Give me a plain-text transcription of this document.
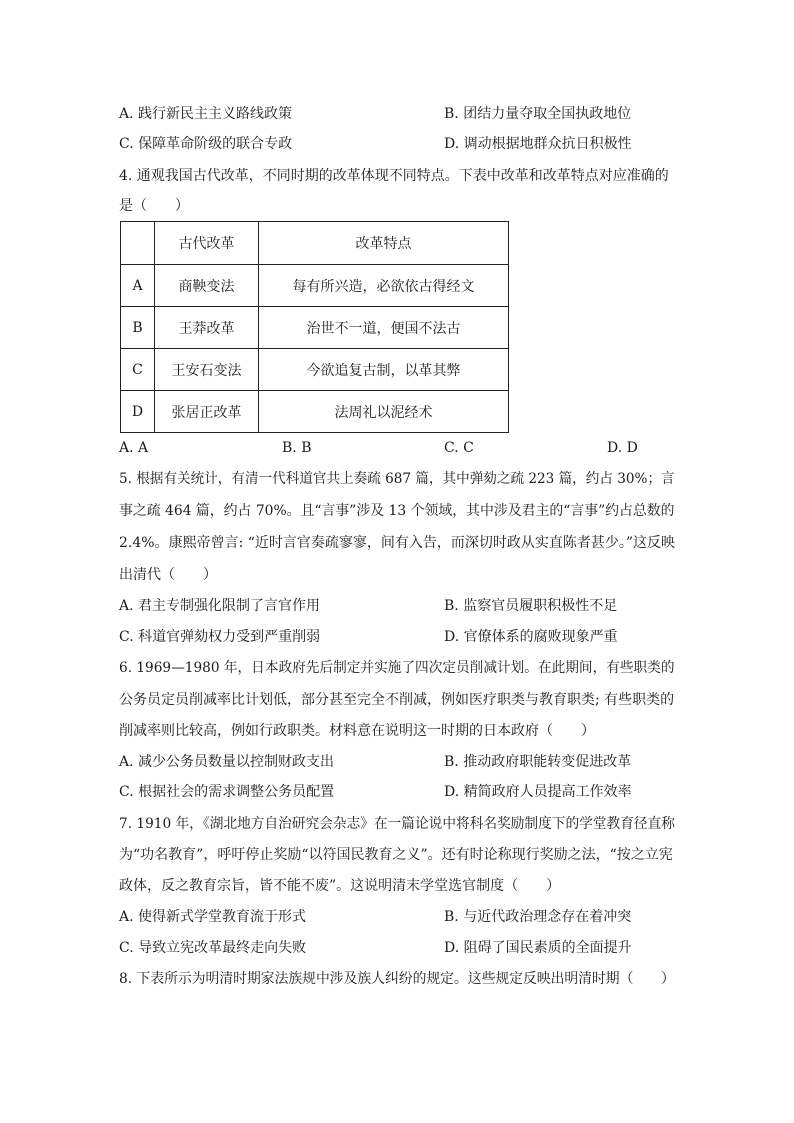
A. 践行新民主主义路线政策	B. 团结力量夺取全国执政地位
C. 保障革命阶级的联合专政	D. 调动根据地群众抗日积极性
4. 通观我国古代改革，不同时期的改革体现不同特点。下表中改革和改革特点对应准确的
是（　　）
	古代改革	改革特点
A	商鞅变法	每有所兴造，必欲依古得经文
B	王莽改革	治世不一道，便国不法古
C	王安石变法	今欲追复古制，以革其弊
D	张居正改革	法周礼以泥经术
A. A	B. B	C. C	D. D
5. 根据有关统计，有清一代科道官共上奏疏 687 篇，其中弹劾之疏 223 篇，约占 30%；言
事之疏 464 篇，约占 70%。且“言事”涉及 13 个领域，其中涉及君主的“言事”约占总数的
2.4%。康熙帝曾言: “近时言官奏疏寥寥，间有入告，而深切时政从实直陈者甚少。”这反映
出清代（　　）
A. 君主专制强化限制了言官作用	B. 监察官员履职积极性不足
C. 科道官弹劾权力受到严重削弱	D. 官僚体系的腐败现象严重
6. 1969—1980 年，日本政府先后制定并实施了四次定员削减计划。在此期间，有些职类的
公务员定员削减率比计划低，部分甚至完全不削减，例如医疗职类与教育职类; 有些职类的
削减率则比较高，例如行政职类。材料意在说明这一时期的日本政府（　　）
A. 减少公务员数量以控制财政支出	B. 推动政府职能转变促进改革
C. 根据社会的需求调整公务员配置	D. 精简政府人员提高工作效率
7. 1910 年，《湖北地方自治研究会杂志》在一篇论说中将科名奖励制度下的学堂教育径直称
为“功名教育”，呼吁停止奖励“以符国民教育之义”。还有时论称现行奖励之法，“按之立宪
政体，反之教育宗旨，皆不能不废”。这说明清末学堂选官制度（　　）
A. 使得新式学堂教育流于形式	B. 与近代政治理念存在着冲突
C. 导致立宪改革最终走向失败	D. 阻碍了国民素质的全面提升
8. 下表所示为明清时期家法族规中涉及族人纠纷的规定。这些规定反映出明清时期（　　）
